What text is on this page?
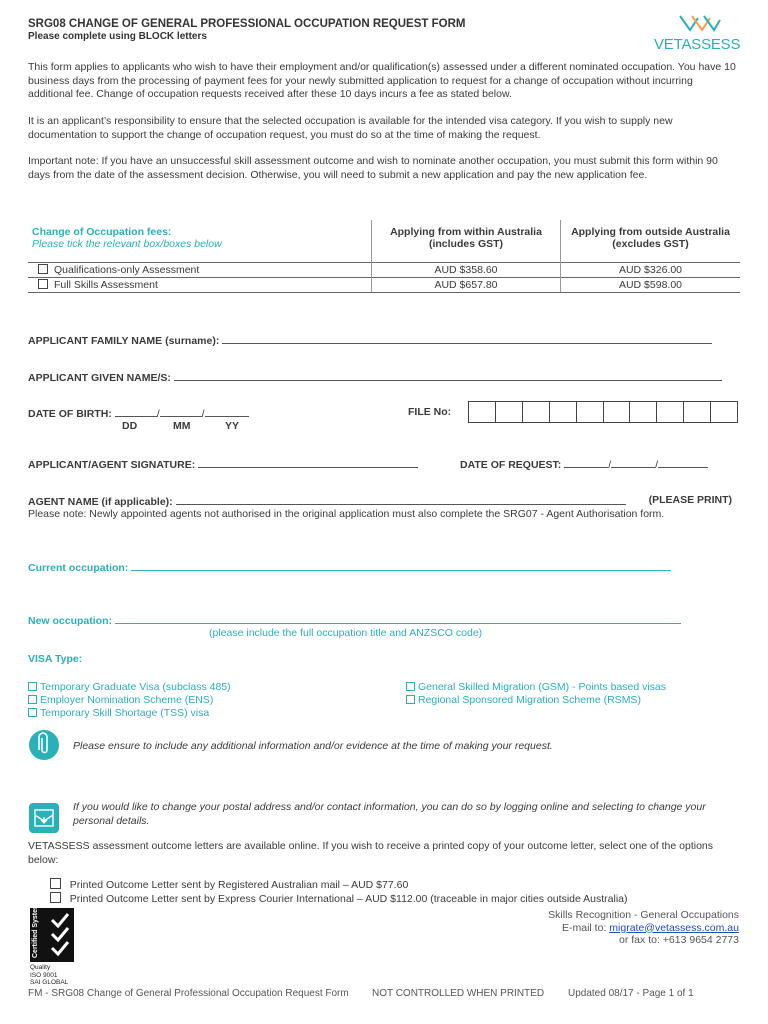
SRG08 CHANGE OF GENERAL PROFESSIONAL OCCUPATION REQUEST FORM
Please complete using BLOCK letters	VETASSESS
This form applies to applicants who wish to have their employment and/or qualification(s) assessed under a different nominated occupation. You have 10 business days from the processing of payment fees for your newly submitted application to request for a change of occupation without incurring additional fee. Change of occupation requests received after these 10 days incurs a fee as stated below.
It is an applicant’s responsibility to ensure that the selected occupation is available for the intended visa category. If you wish to supply new documentation to support the change of occupation request, you must do so at the time of making the request.
Important note: If you have an unsuccessful skill assessment outcome and wish to nominate another occupation, you must submit this form within 90 days from the date of the assessment decision. Otherwise, you will need to submit a new application and pay the new application fee.
Change of Occupation fees:
Please tick the relevant box/boxes below	Applying from within Australia (includes GST)	Applying from outside Australia (excludes GST)

Qualifications-only Assessment	AUD $358.60	AUD $326.00
Full Skills Assessment	AUD $657.80	AUD $598.00
APPLICANT FAMILY NAME (surname):
APPLICANT GIVEN NAME/S:
DATE OF BIRTH:	/	/
DD	MM	YY
FILE No:
APPLICANT/AGENT SIGNATURE:	DATE OF REQUEST:	/	/
AGENT NAME (if applicable):	(PLEASE PRINT)
Please note: Newly appointed agents not authorised in the original application must also complete the SRG07 - Agent Authorisation form.
Current occupation:
New occupation:
(please include the full occupation title and ANZSCO code)
VISA Type:
Temporary Graduate Visa (subclass 485)
Employer Nomination Scheme (ENS)
Temporary Skill Shortage (TSS) visa
General Skilled Migration (GSM) - Points based visas
Regional Sponsored Migration Scheme (RSMS)
Please ensure to include any additional information and/or evidence at the time of making your request.
If you would like to change your postal address and/or contact information, you can do so by logging online and selecting to change your personal details.
VETASSESS assessment outcome letters are available online. If you wish to receive a printed copy of your outcome letter, select one of the options below:
Printed Outcome Letter sent by Registered Australian mail – AUD $77.60
Printed Outcome Letter sent by Express Courier International – AUD $112.00 (traceable in major cities outside Australia)
Certified System
Quality
ISO 9001
SAI GLOBAL
Skills Recognition - General Occupations
E-mail to: migrate@vetassess.com.au
or fax to: +613 9654 2773
FM - SRG08 Change of General Professional Occupation Request Form NOT CONTROLLED WHEN PRINTED Updated 08/17 - Page 1 of 1
